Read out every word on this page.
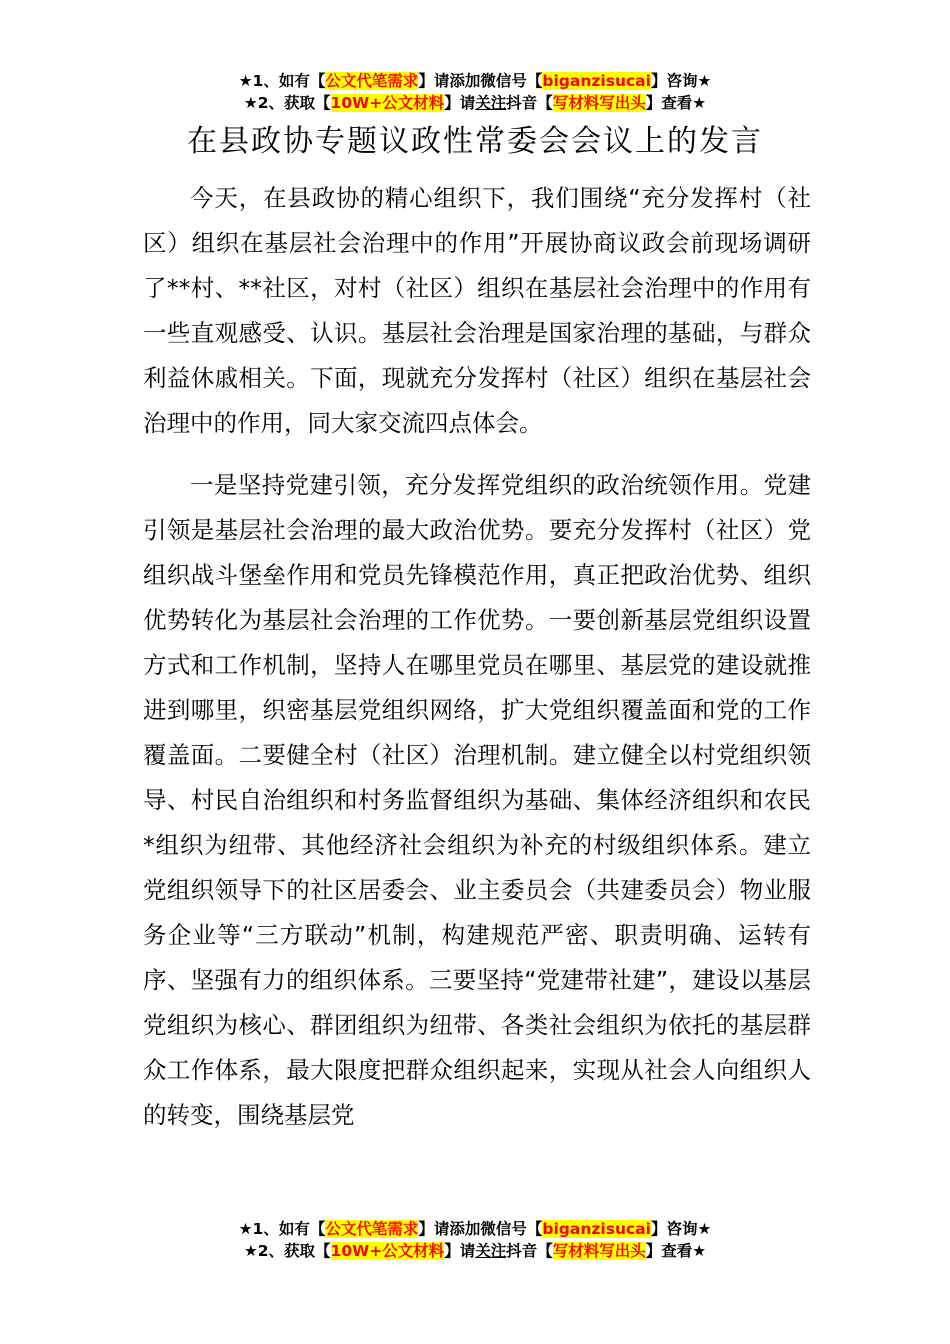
★1、如有【公文代笔需求】请添加微信号【biganzisucai】咨询★
★2、获取【10W+公文材料】请关注抖音【写材料写出头】查看★
在县政协专题议政性常委会会议上的发言

今天，在县政协的精心组织下，我们围绕“充分发挥村（社区）组织在基层社会治理中的作用”开展协商议政会前现场调研了**村、**社区，对村（社区）组织在基层社会治理中的作用有一些直观感受、认识。基层社会治理是国家治理的基础，与群众利益休戚相关。下面，现就充分发挥村（社区）组织在基层社会治理中的作用，同大家交流四点体会。

一是坚持党建引领，充分发挥党组织的政治统领作用。党建引领是基层社会治理的最大政治优势。要充分发挥村（社区）党组织战斗堡垒作用和党员先锋模范作用，真正把政治优势、组织优势转化为基层社会治理的工作优势。一要创新基层党组织设置方式和工作机制，坚持人在哪里党员在哪里、基层党的建设就推进到哪里，织密基层党组织网络，扩大党组织覆盖面和党的工作覆盖面。二要健全村（社区）治理机制。建立健全以村党组织领导、村民自治组织和村务监督组织为基础、集体经济组织和农民*组织为纽带、其他经济社会组织为补充的村级组织体系。建立党组织领导下的社区居委会、业主委员会（共建委员会）物业服务企业等“三方联动”机制，构建规范严密、职责明确、运转有序、坚强有力的组织体系。三要坚持“党建带社建”，建设以基层党组织为核心、群团组织为纽带、各类社会组织为依托的基层群众工作体系，最大限度把群众组织起来，实现从社会人向组织人的转变，围绕基层党

★1、如有【公文代笔需求】请添加微信号【biganzisucai】咨询★
★2、获取【10W+公文材料】请关注抖音【写材料写出头】查看★
